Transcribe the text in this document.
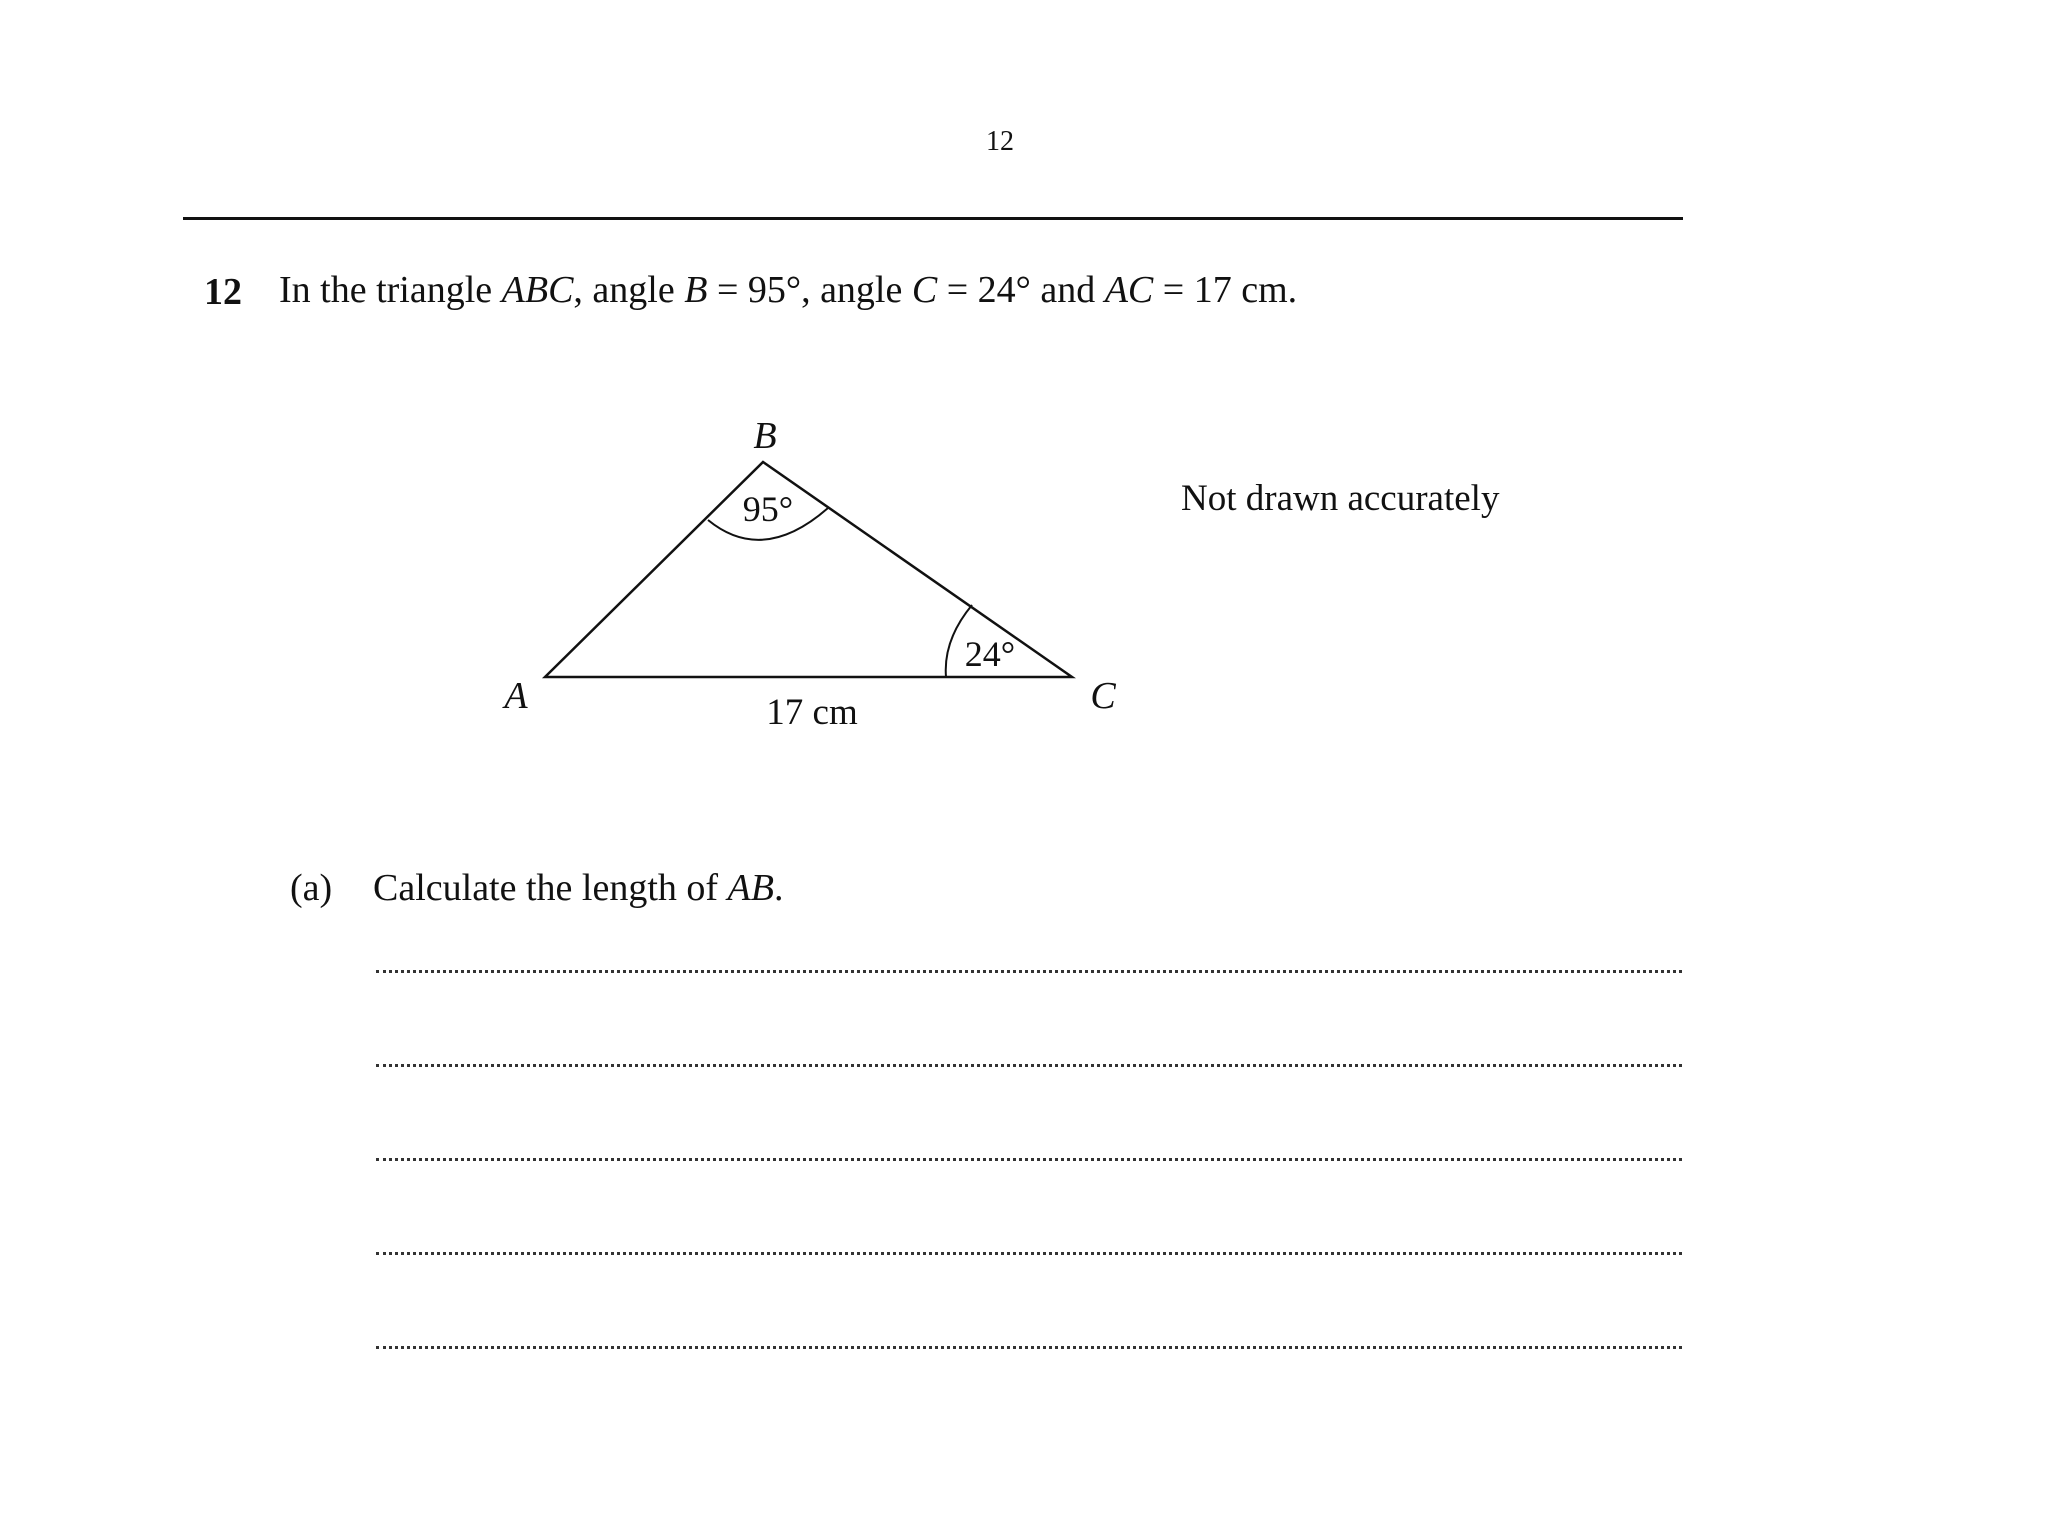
12
12 In the triangle ABC, angle B = 95°, angle C = 24° and AC = 17 cm.
B
A	C
95°
24°
17 cm
Not drawn accurately
(a) Calculate the length of AB.
